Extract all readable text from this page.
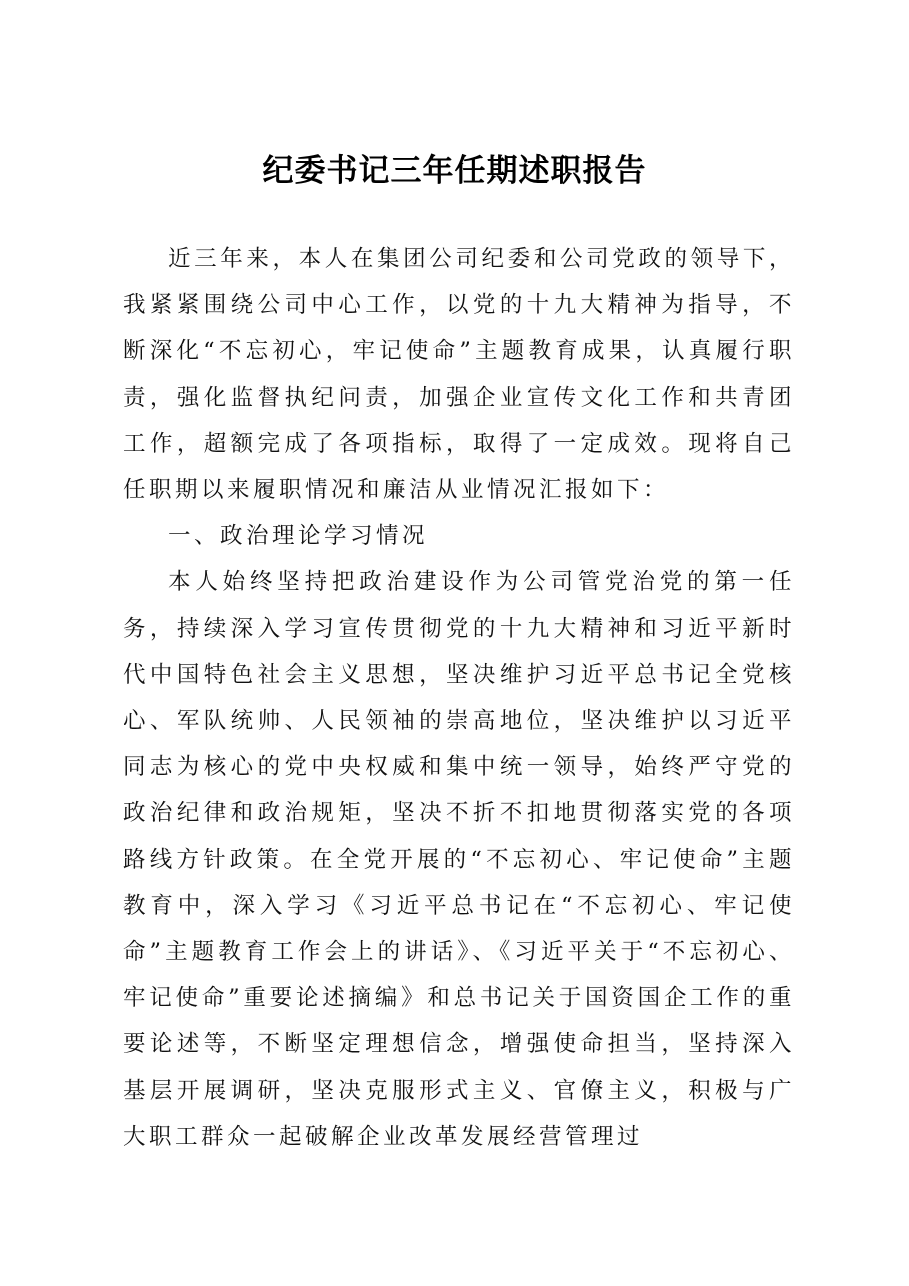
纪委书记三年任期述职报告

近三年来，本人在集团公司纪委和公司党政的领导下，我紧紧围绕公司中心工作，以党的十九大精神为指导，不断深化“不忘初心，牢记使命”主题教育成果，认真履行职责，强化监督执纪问责，加强企业宣传文化工作和共青团工作，超额完成了各项指标，取得了一定成效。现将自己任职期以来履职情况和廉洁从业情况汇报如下：

一、政治理论学习情况

本人始终坚持把政治建设作为公司管党治党的第一任务，持续深入学习宣传贯彻党的十九大精神和习近平新时代中国特色社会主义思想，坚决维护习近平总书记全党核心、军队统帅、人民领袖的崇高地位，坚决维护以习近平同志为核心的党中央权威和集中统一领导，始终严守党的政治纪律和政治规矩，坚决不折不扣地贯彻落实党的各项路线方针政策。在全党开展的“不忘初心、牢记使命”主题教育中，深入学习《习近平总书记在“不忘初心、牢记使命”主题教育工作会上的讲话》、《习近平关于“不忘初心、牢记使命”重要论述摘编》和总书记关于国资国企工作的重要论述等，不断坚定理想信念，增强使命担当，坚持深入基层开展调研，坚决克服形式主义、官僚主义，积极与广大职工群众一起破解企业改革发展经营管理过
